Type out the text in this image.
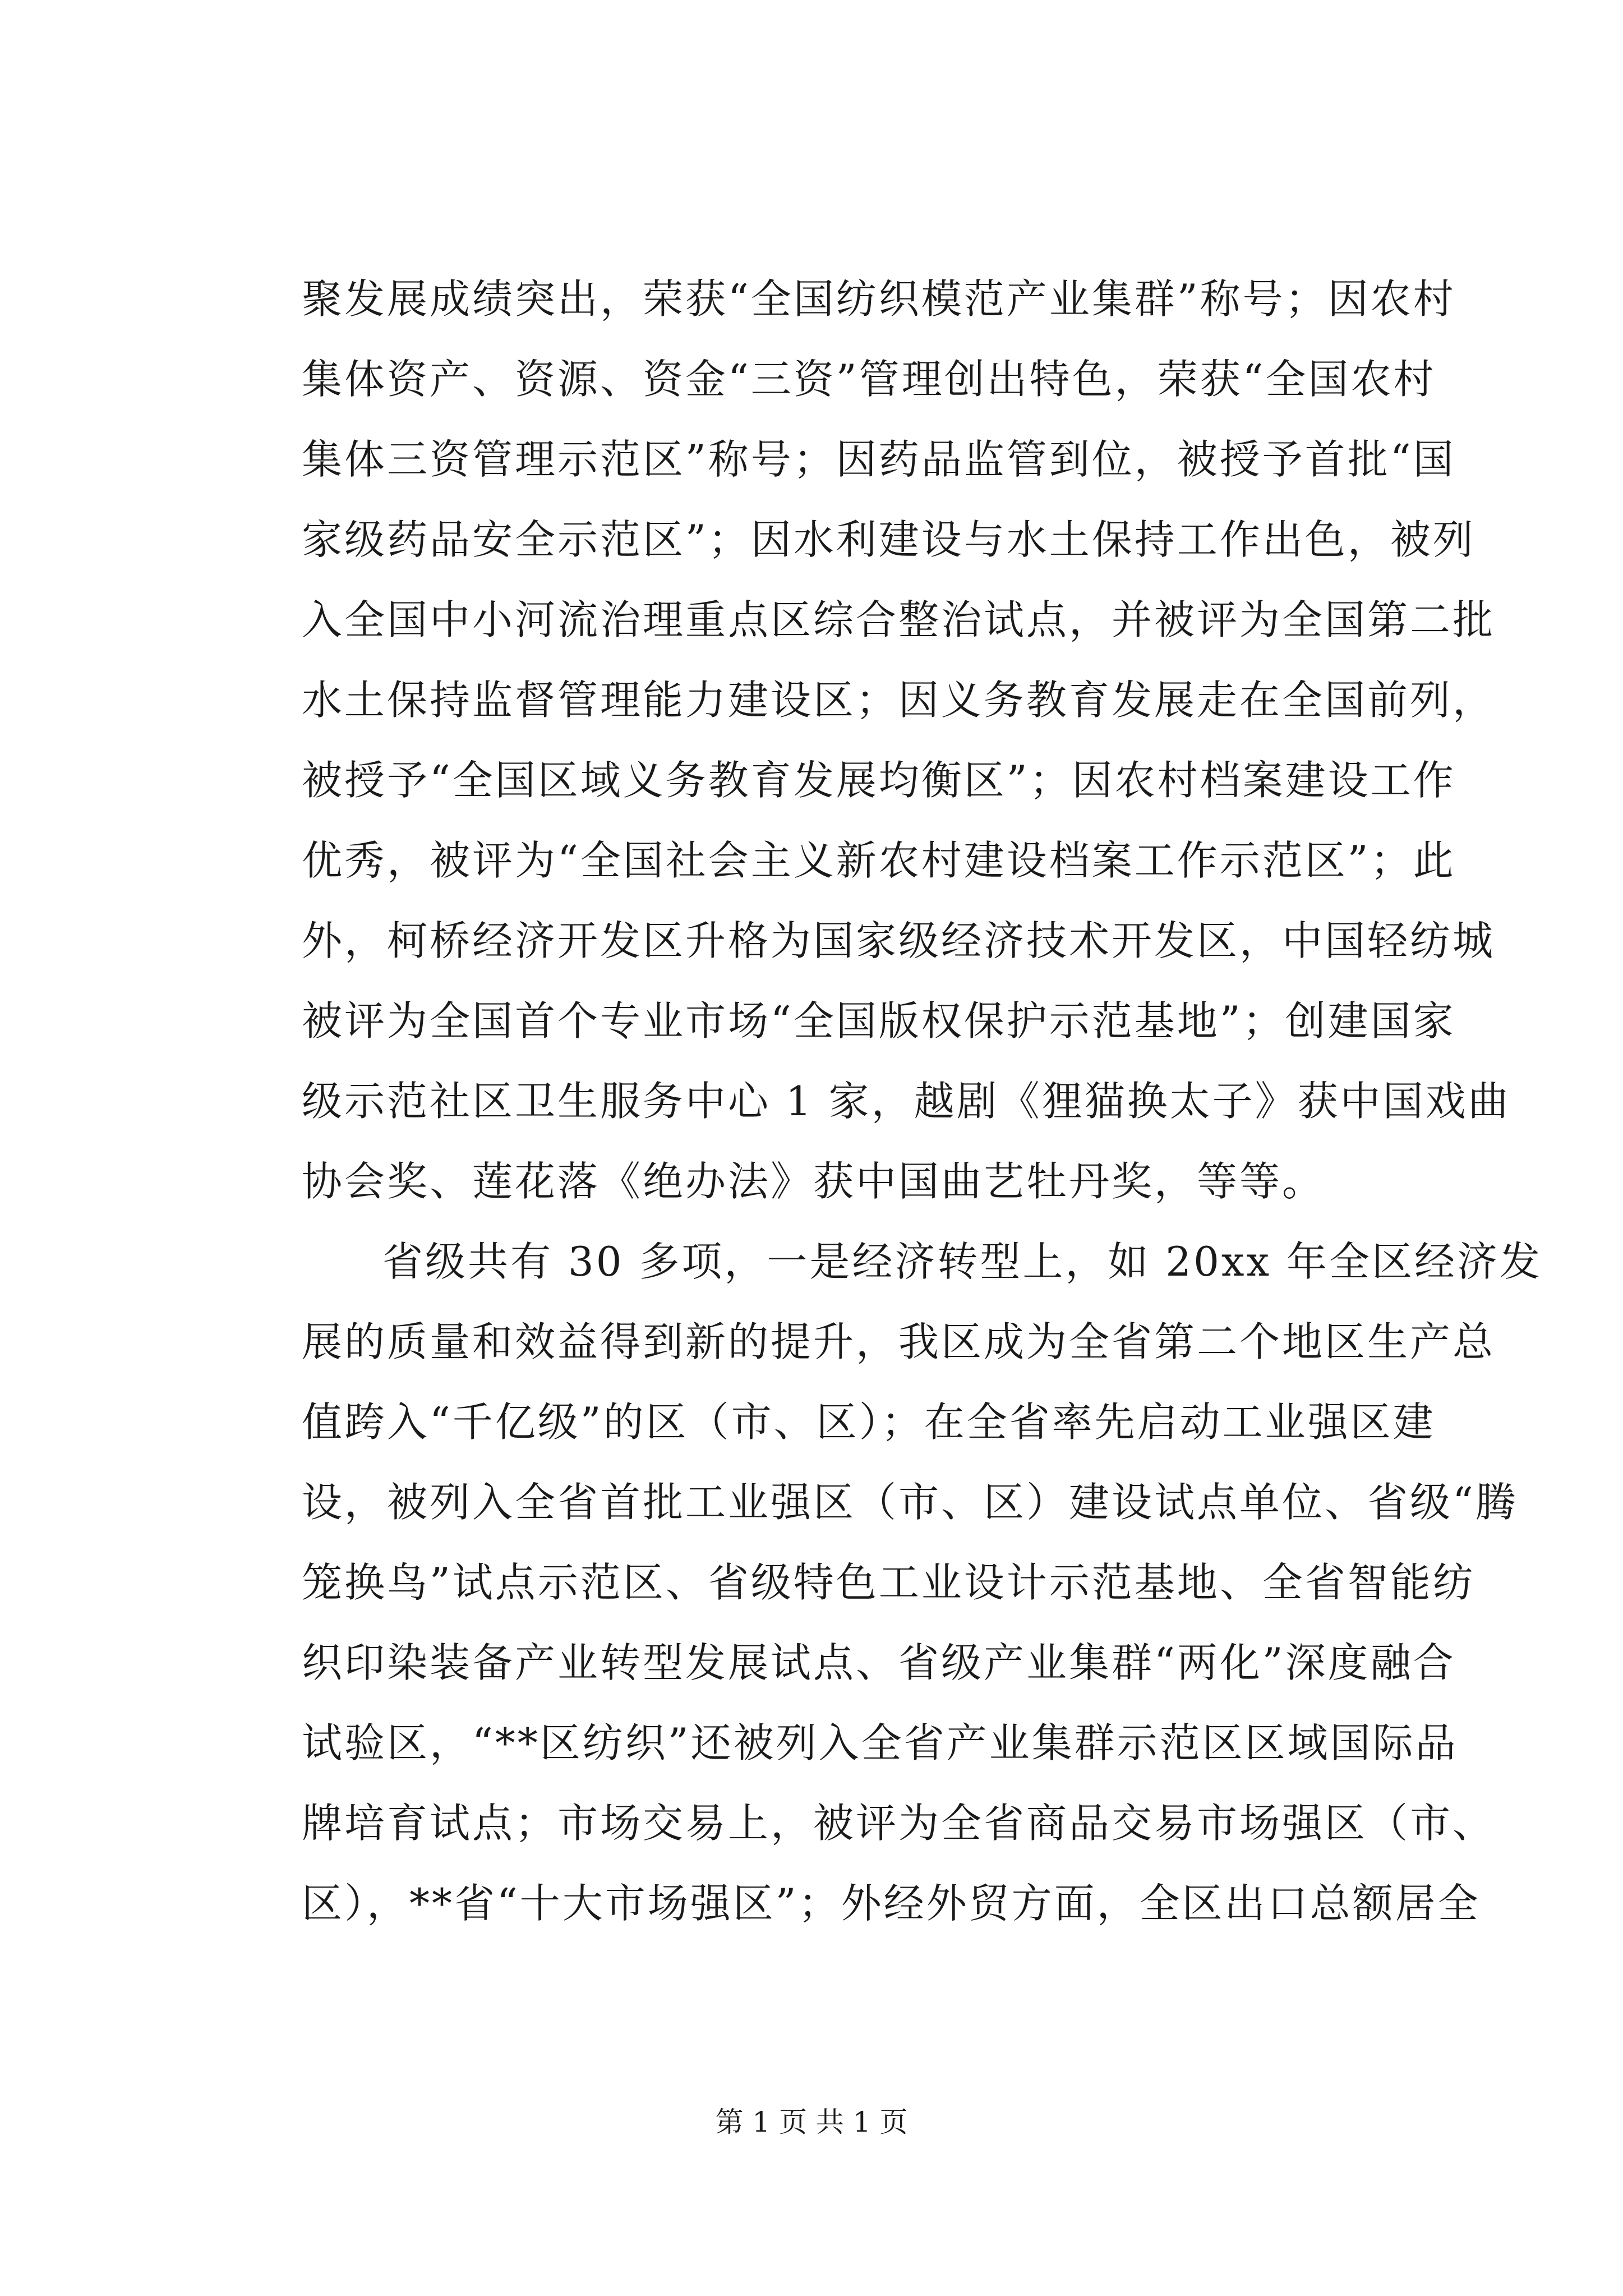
聚发展成绩突出，荣获“全国纺织模范产业集群”称号；因农村
集体资产、资源、资金“三资”管理创出特色，荣获“全国农村
集体三资管理示范区”称号；因药品监管到位，被授予首批“国
家级药品安全示范区”；因水利建设与水土保持工作出色，被列
入全国中小河流治理重点区综合整治试点，并被评为全国第二批
水土保持监督管理能力建设区；因义务教育发展走在全国前列，
被授予“全国区域义务教育发展均衡区”；因农村档案建设工作
优秀，被评为“全国社会主义新农村建设档案工作示范区”；此
外，柯桥经济开发区升格为国家级经济技术开发区，中国轻纺城
被评为全国首个专业市场“全国版权保护示范基地”；创建国家
级示范社区卫生服务中心 1 家，越剧《狸猫换太子》获中国戏曲
协会奖、莲花落《绝办法》获中国曲艺牡丹奖，等等。
省级共有 30 多项，一是经济转型上，如 20xx 年全区经济发
展的质量和效益得到新的提升，我区成为全省第二个地区生产总
值跨入“千亿级”的区（市、区）；在全省率先启动工业强区建
设，被列入全省首批工业强区（市、区）建设试点单位、省级“腾
笼换鸟”试点示范区、省级特色工业设计示范基地、全省智能纺
织印染装备产业转型发展试点、省级产业集群“两化”深度融合
试验区，“**区纺织”还被列入全省产业集群示范区区域国际品
牌培育试点；市场交易上，被评为全省商品交易市场强区（市、
区），**省“十大市场强区”；外经外贸方面，全区出口总额居全
第 1 页 共 1 页
